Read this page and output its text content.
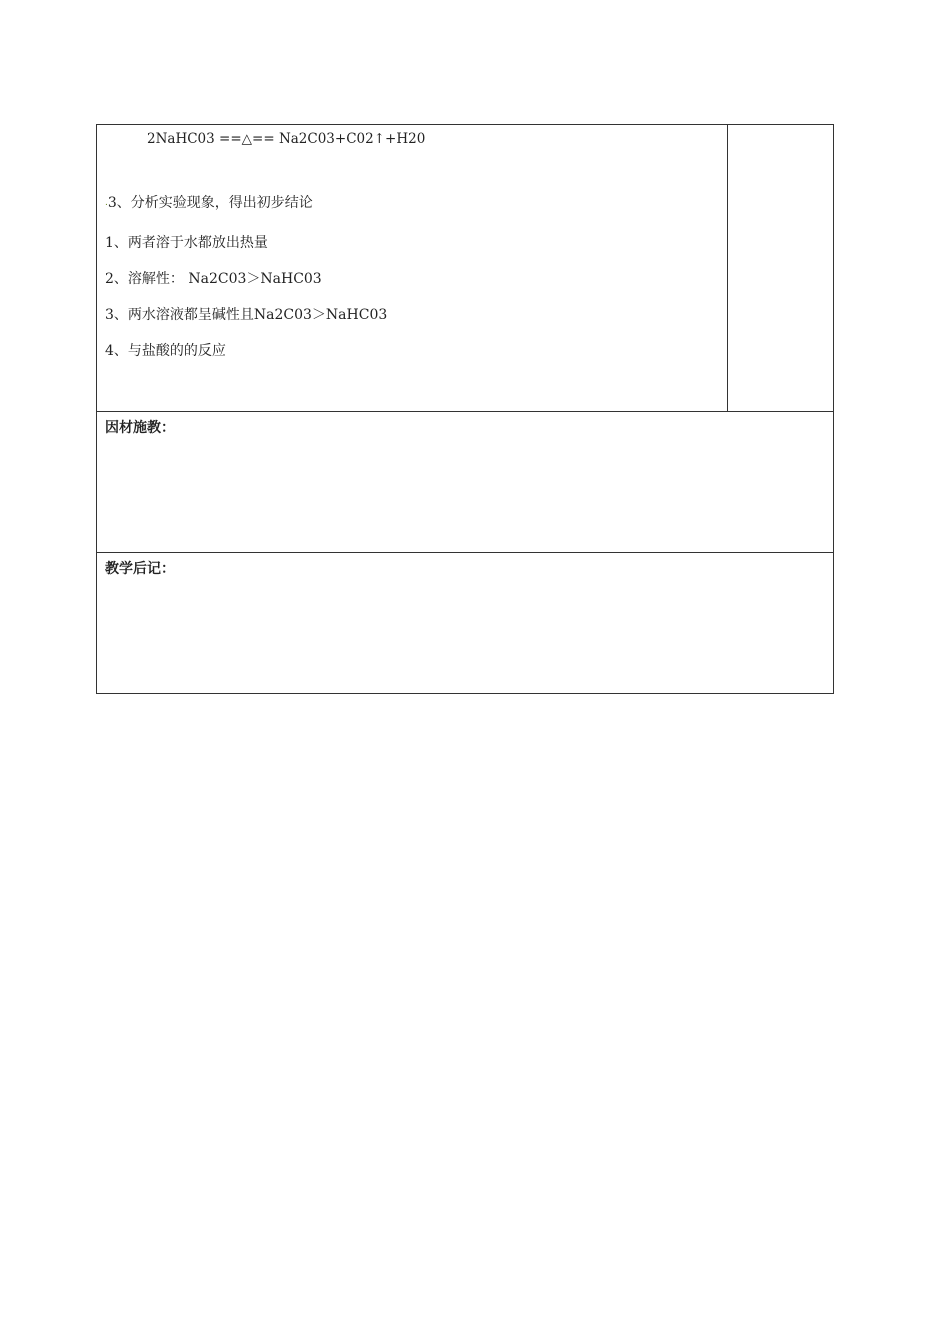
2NaHC03 ==△== Na2C03+C02↑+H20
.3、分析实验现象，得出初步结论
1、两者溶于水都放出热量
2、溶解性： Na2C03＞NaHC03
3、两水溶液都呈碱性且Na2C03＞NaHC03
4、与盐酸的的反应
因材施教：
教学后记：
